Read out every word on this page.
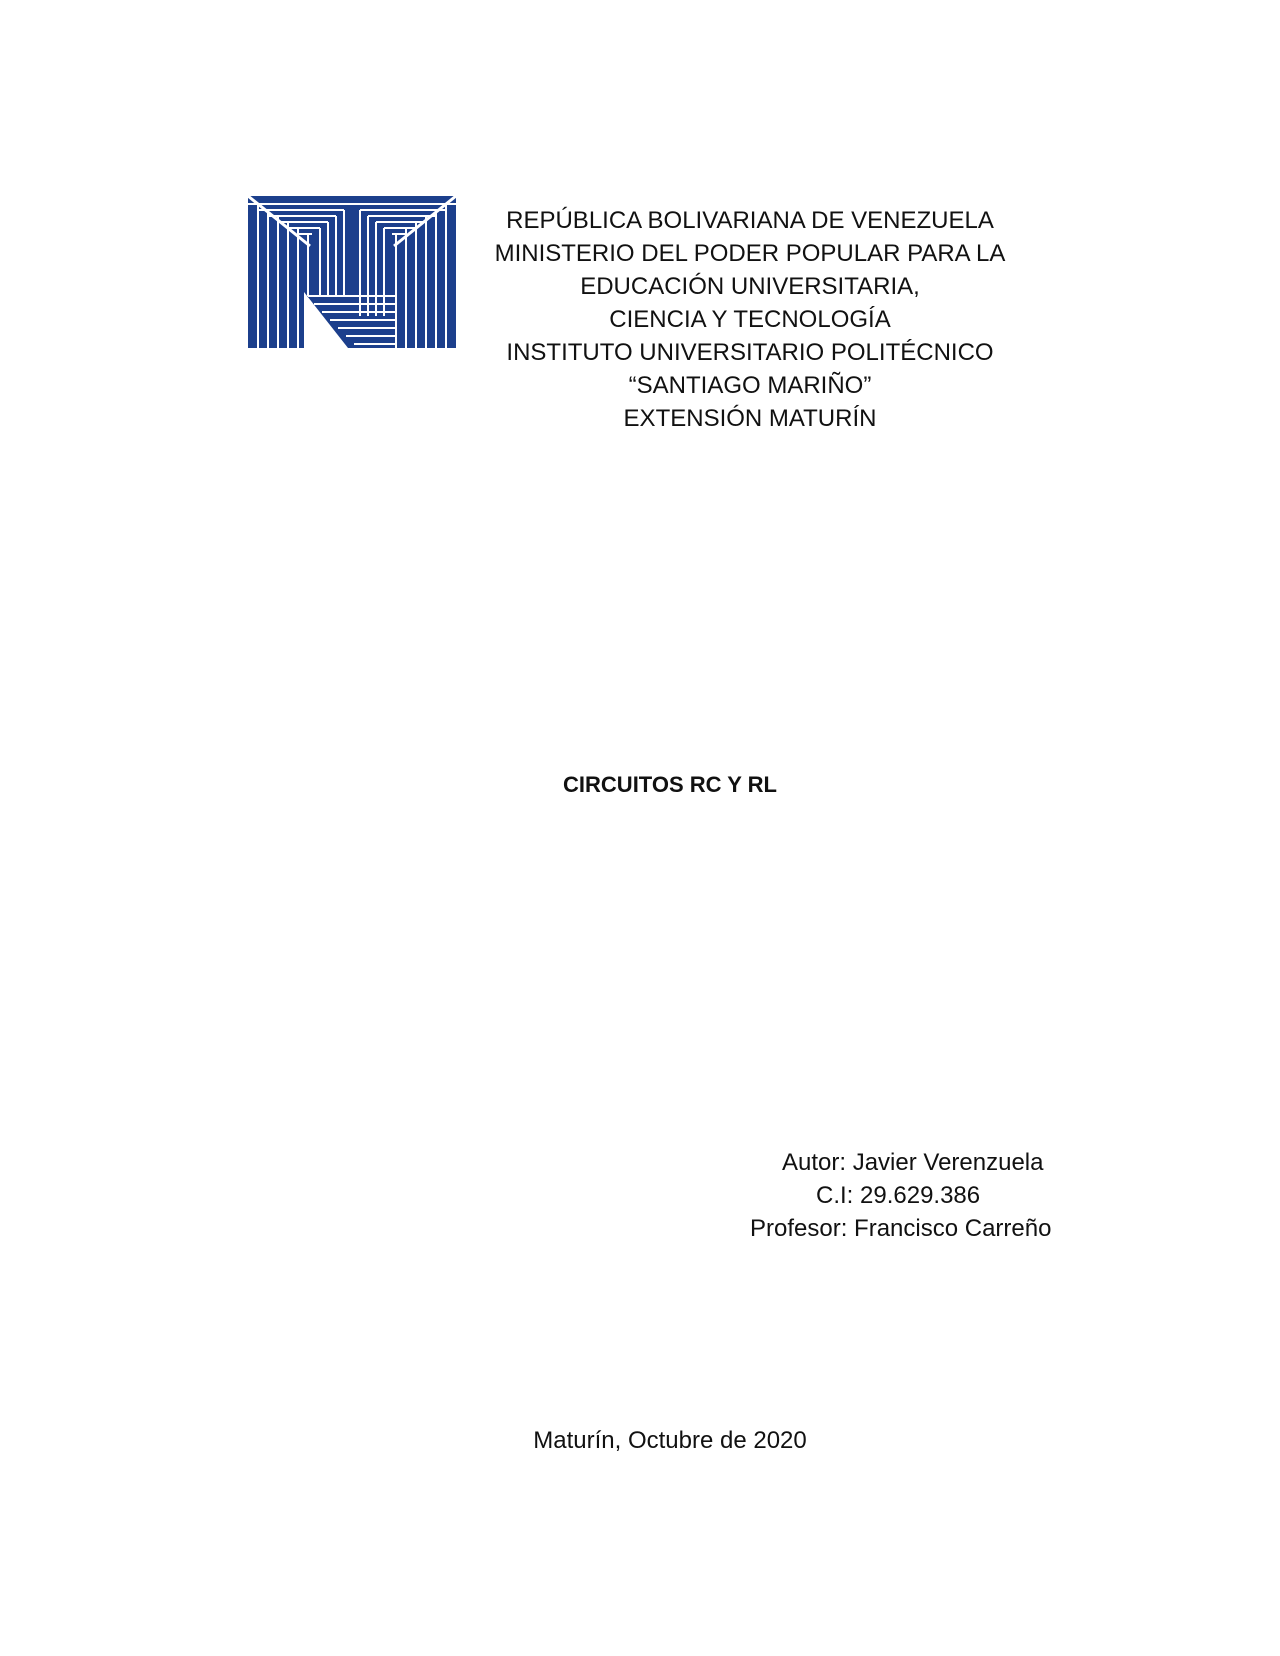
REPÚBLICA BOLIVARIANA DE VENEZUELA
MINISTERIO DEL PODER POPULAR PARA LA
EDUCACIÓN UNIVERSITARIA,
CIENCIA Y TECNOLOGÍA
INSTITUTO UNIVERSITARIO POLITÉCNICO
“SANTIAGO MARIÑO”
EXTENSIÓN MATURÍN
CIRCUITOS RC Y RL
Autor: Javier Verenzuela
C.I: 29.629.386
Profesor: Francisco Carreño
Maturín, Octubre de 2020
